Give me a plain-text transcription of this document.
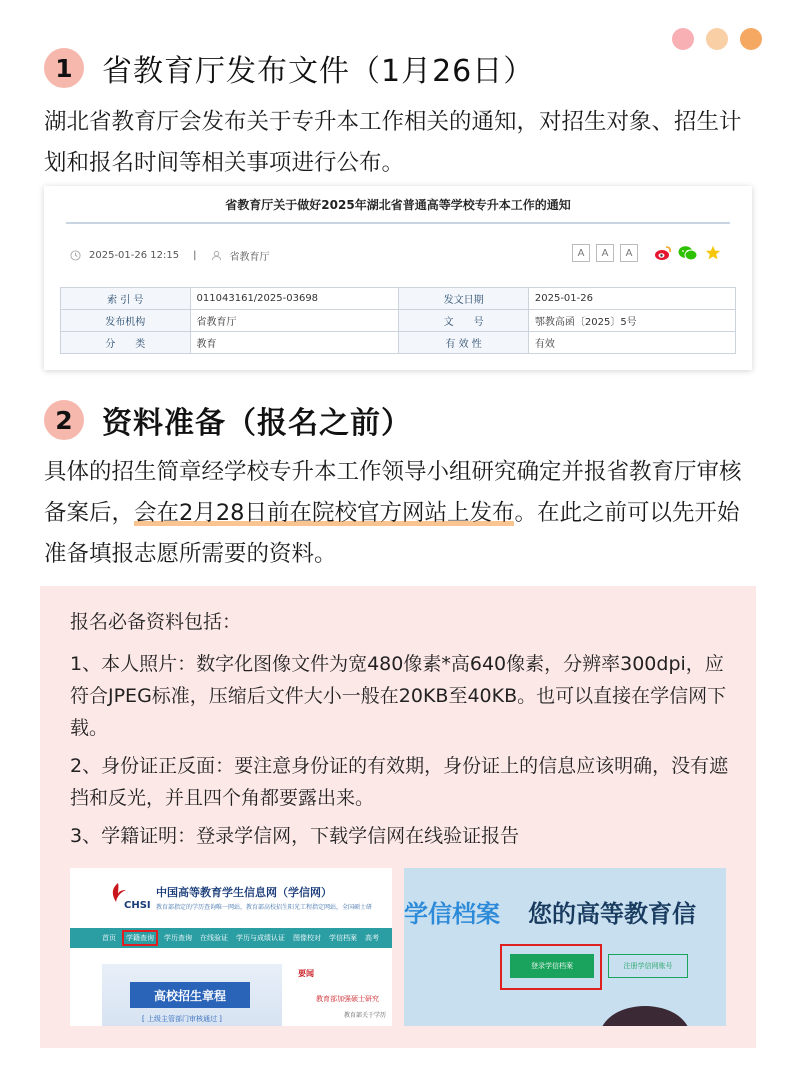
1 省教育厅发布文件（1月26日）
湖北省教育厅会发布关于专升本工作相关的通知，对招生对象、招生计划和报名时间等相关事项进行公布。
省教育厅关于做好2025年湖北省普通高等学校专升本工作的通知
2025-01-26 12:15 |	省教育厅	A	A	A
索 引 号	011043161/2025-03698	发文日期	2025-01-26
发布机构	省教育厅	文　　号	鄂教高函〔2025〕5号
分　　类	教育	有 效 性	有效
2 资料准备（报名之前）
具体的招生简章经学校专升本工作领导小组研究确定并报省教育厅审核备案后，会在2月28日前在院校官方网站上发布。在此之前可以先开始准备填报志愿所需要的资料。
报名必备资料包括：
1、本人照片：数字化图像文件为宽480像素*高640像素，分辨率300dpi，应符合JPEG标准，压缩后文件大小一般在20KB至40KB。也可以直接在学信网下载。
2、身份证正反面：要注意身份证的有效期，身份证上的信息应该明确，没有遮挡和反光，并且四个角都要露出来。
3、学籍证明：登录学信网，下载学信网在线验证报告
CHSI
中国高等教育学生信息网（学信网）
教育部指定的学历查询唯一网站，教育部高校招生阳光工程指定网站，全国硕士研
首页 学籍查询 学历查询 在线验证 学历与成绩认证 图像校对 学信档案 高考
高校招生章程
[ 上级主管部门审核通过 ]
要闻
教育部加强硕士研究
教育部关于学历
学信档案 您的高等教育信
登录学信档案	注册学信网账号
